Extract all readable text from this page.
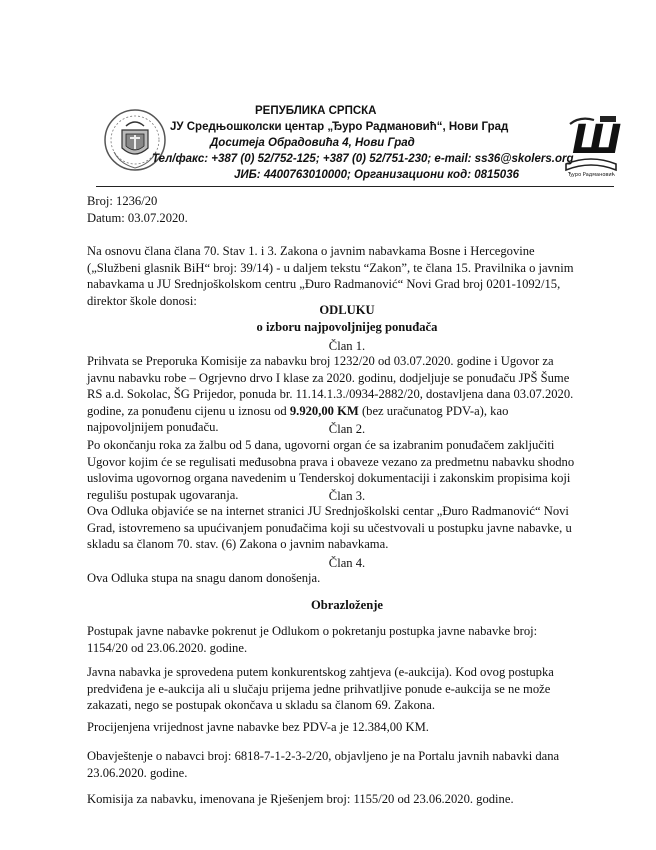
РЕПУБЛИКА СРПСКА
ЈУ Средњошколски центар „Ђуро Радмановић“, Нови Град
Доситеја Обрадовића 4, Нови Град
Тел/факс: +387 (0) 52/752-125; +387 (0) 52/751-230; e-mail: ss36@skolers.org
ЈИБ: 4400763010000; Организациони код: 0815036
Ш
Ђуро Радмановић
Broj: 1236/20
Datum: 03.07.2020.
Na osnovu člana člana 70. Stav 1. i 3. Zakona o javnim nabavkama Bosne i Hercegovine
(„Službeni glasnik BiH“ broj: 39/14) - u daljem tekstu “Zakon”, te člana 15. Pravilnika o javnim
nabavkama u JU Srednjoškolskom centru „Đuro Radmanović“ Novi Grad broj 0201-1092/15,
direktor škole donosi:
ODLUKU
o izboru najpovoljnijeg ponuđača
Član 1.
Prihvata se Preporuka Komisije za nabavku broj 1232/20 od 03.07.2020. godine i Ugovor za
javnu nabavku robe – Ogrjevno drvo I klase za 2020. godinu, dodjeljuje se ponuđaču JPŠ Šume
RS a.d. Sokolac, ŠG Prijedor, ponuda br. 11.14.1.3./0934-2882/20, dostavljena dana 03.07.2020.
godine, za ponuđenu cijenu u iznosu od 9.920,00 KM (bez uračunatog PDV-a), kao
najpovoljnijem ponuđaču.	Član 2.
Po okončanju roka za žalbu od 5 dana, ugovorni organ će sa izabranim ponuđačem zaključiti
Ugovor kojim će se regulisati međusobna prava i obaveze vezano za predmetnu nabavku shodno
uslovima ugovornog organa navedenim u Tenderskoj dokumentaciji i zakonskim propisima koji
regulišu postupak ugovaranja.	Član 3.
Ova Odluka objaviće se na internet stranici JU Srednjoškolski centar „Đuro Radmanović“ Novi
Grad, istovremeno sa upućivanjem ponuđačima koji su učestvovali u postupku javne nabavke, u
skladu sa članom 70. stav. (6) Zakona o javnim nabavkama.
Član 4.
Ova Odluka stupa na snagu danom donošenja.
Obrazloženje
Postupak javne nabavke pokrenut je Odlukom o pokretanju postupka javne nabavke broj:
1154/20 od 23.06.2020. godine.
Javna nabavka je sprovedena putem konkurentskog zahtjeva (e-aukcija). Kod ovog postupka
predviđena je e-aukcija ali u slučaju prijema jedne prihvatljive ponude e-aukcija se ne može
zakazati, nego se postupak okončava u skladu sa članom 69. Zakona.
Procijenjena vrijednost javne nabavke bez PDV-a je 12.384,00 KM.
Obavještenje o nabavci broj: 6818-7-1-2-3-2/20, objavljeno je na Portalu javnih nabavki dana
23.06.2020. godine.
Komisija za nabavku, imenovana je Rješenjem broj: 1155/20 od 23.06.2020. godine.
